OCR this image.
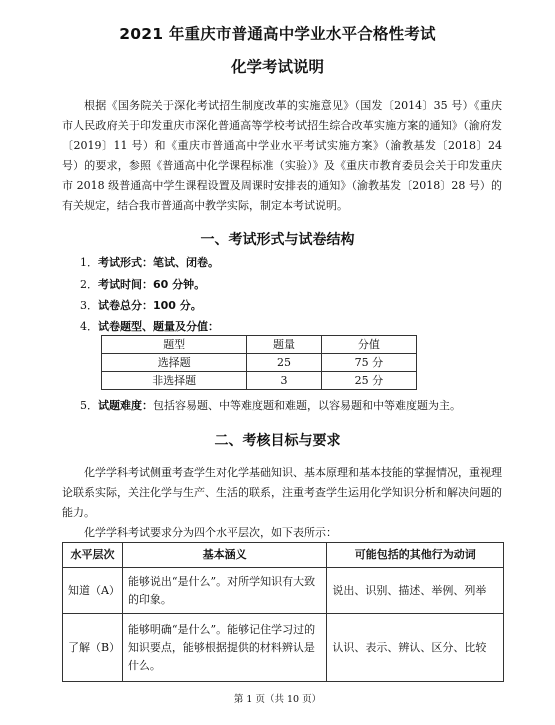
2021 年重庆市普通高中学业水平合格性考试
化学考试说明

根据《国务院关于深化考试招生制度改革的实施意见》（国发〔2014〕35 号）《重庆市人民政府关于印发重庆市深化普通高等学校考试招生综合改革实施方案的通知》（渝府发〔2019〕11 号）和《重庆市普通高中学业水平考试实施方案》（渝教基发〔2018〕24 号）的要求，参照《普通高中化学课程标准（实验）》及《重庆市教育委员会关于印发重庆市 2018 级普通高中学生课程设置及周课时安排表的通知》（渝教基发〔2018〕28 号）的有关规定，结合我市普通高中教学实际，制定本考试说明。

一、考试形式与试卷结构
1．考试形式：笔试、闭卷。
2．考试时间：60 分钟。
3．试卷总分：100 分。
4．试卷题型、题量及分值：
题型	题量	分值
选择题	25	75 分
非选择题	3	25 分
5．试题难度：包括容易题、中等难度题和难题，以容易题和中等难度题为主。
二、考核目标与要求

化学学科考试侧重考查学生对化学基础知识、基本原理和基本技能的掌握情况，重视理论联系实际，关注化学与生产、生活的联系，注重考查学生运用化学知识分析和解决问题的能力。

化学学科考试要求分为四个水平层次，如下表所示：

水平层次	基本涵义	可能包括的其他行为动词
知道（A）	能够说出“是什么”。对所学知识有大致的印象。	说出、识别、描述、举例、列举
了解（B）	能够明确“是什么”。能够记住学习过的知识要点，能够根据提供的材料辨认是什么。	认识、表示、辨认、区分、比较
第 1 页（共 10 页）
